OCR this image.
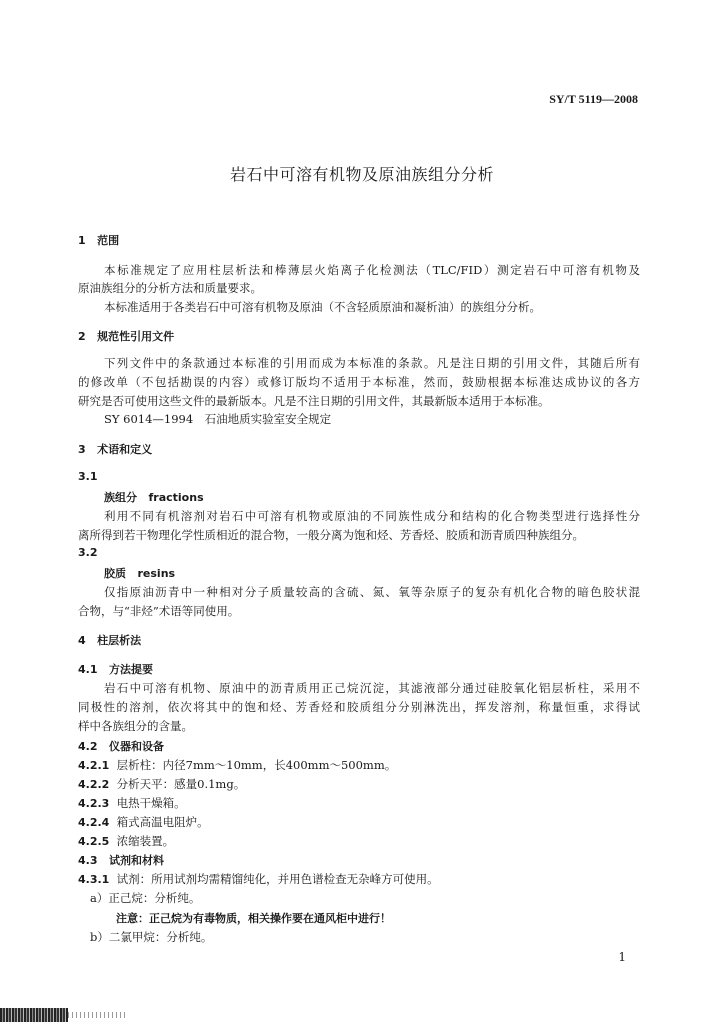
SY/T 5119—2008
岩石中可溶有机物及原油族组分分析
1 范围
本标准规定了应用柱层析法和棒薄层火焰离子化检测法（TLC/FID）测定岩石中可溶有机物及
原油族组分的分析方法和质量要求。
本标准适用于各类岩石中可溶有机物及原油（不含轻质原油和凝析油）的族组分分析。
2 规范性引用文件
下列文件中的条款通过本标准的引用而成为本标准的条款。凡是注日期的引用文件，其随后所有
的修改单（不包括勘误的内容）或修订版均不适用于本标准，然而，鼓励根据本标准达成协议的各方
研究是否可使用这些文件的最新版本。凡是不注日期的引用文件，其最新版本适用于本标准。
SY 6014—1994　石油地质实验室安全规定
3 术语和定义
3.1
族组分 fractions
利用不同有机溶剂对岩石中可溶有机物或原油的不同族性成分和结构的化合物类型进行选择性分
离所得到若干物理化学性质相近的混合物，一般分离为饱和烃、芳香烃、胶质和沥青质四种族组分。
3.2
胶质 resins
仅指原油沥青中一种相对分子质量较高的含硫、氮、氧等杂原子的复杂有机化合物的暗色胶状混
合物，与“非烃”术语等同使用。
4 柱层析法
4.1 方法提要
岩石中可溶有机物、原油中的沥青质用正己烷沉淀，其滤液部分通过硅胶氧化铝层析柱，采用不
同极性的溶剂，依次将其中的饱和烃、芳香烃和胶质组分分别淋洗出，挥发溶剂，称量恒重，求得试
样中各族组分的含量。
4.2 仪器和设备
4.2.1 层析柱：内径7mm～10mm，长400mm～500mm。
4.2.2 分析天平：感量0.1mg。
4.2.3 电热干燥箱。
4.2.4 箱式高温电阻炉。
4.2.5 浓缩装置。
4.3 试剂和材料
4.3.1 试剂：所用试剂均需精馏纯化，并用色谱检查无杂峰方可使用。
a）正己烷：分析纯。
注意：正己烷为有毒物质，相关操作要在通风柜中进行！
b）二氯甲烷：分析纯。
1
